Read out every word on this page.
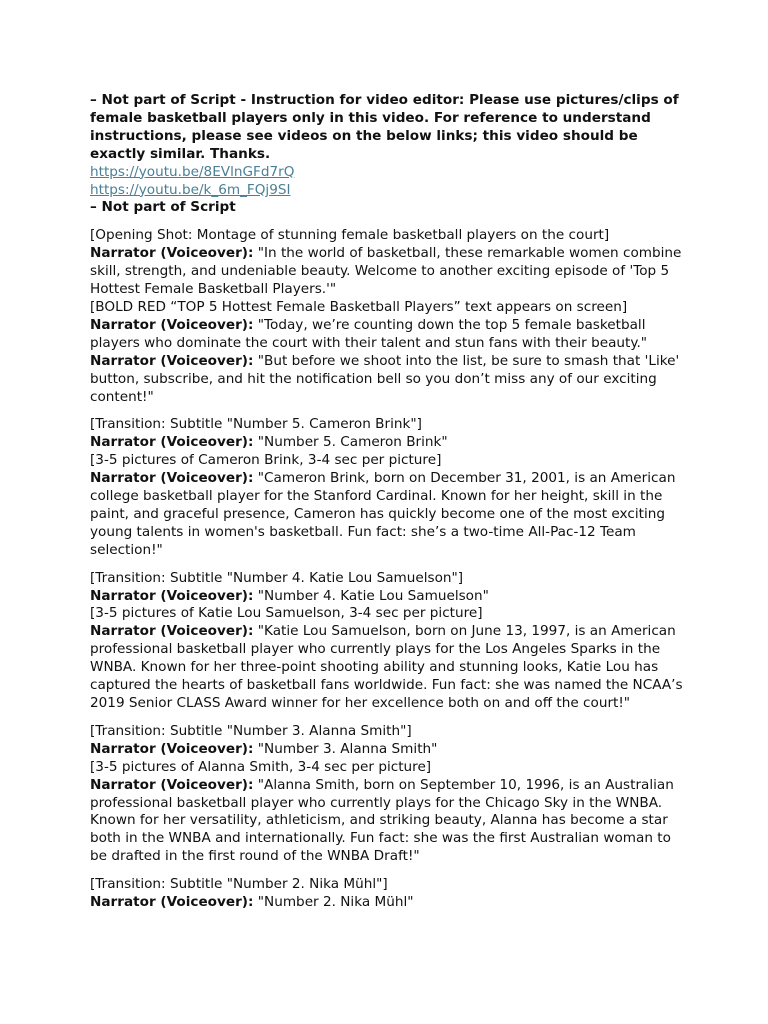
– Not part of Script - Instruction for video editor: Please use pictures/clips of female basketball players only in this video. For reference to understand instructions, please see videos on the below links; this video should be exactly similar. Thanks.
https://youtu.be/8EVlnGFd7rQ
https://youtu.be/k_6m_FQj9SI
– Not part of Script
[Opening Shot: Montage of stunning female basketball players on the court]
Narrator (Voiceover): "In the world of basketball, these remarkable women combine skill, strength, and undeniable beauty. Welcome to another exciting episode of 'Top 5 Hottest Female Basketball Players.'"
[BOLD RED “TOP 5 Hottest Female Basketball Players” text appears on screen]
Narrator (Voiceover): "Today, we’re counting down the top 5 female basketball players who dominate the court with their talent and stun fans with their beauty."
Narrator (Voiceover): "But before we shoot into the list, be sure to smash that 'Like' button, subscribe, and hit the notification bell so you don’t miss any of our exciting content!"
[Transition: Subtitle "Number 5. Cameron Brink"]
Narrator (Voiceover): "Number 5. Cameron Brink"
[3-5 pictures of Cameron Brink, 3-4 sec per picture]
Narrator (Voiceover): "Cameron Brink, born on December 31, 2001, is an American college basketball player for the Stanford Cardinal. Known for her height, skill in the paint, and graceful presence, Cameron has quickly become one of the most exciting young talents in women's basketball. Fun fact: she’s a two-time All-Pac-12 Team selection!"
[Transition: Subtitle "Number 4. Katie Lou Samuelson"]
Narrator (Voiceover): "Number 4. Katie Lou Samuelson"
[3-5 pictures of Katie Lou Samuelson, 3-4 sec per picture]
Narrator (Voiceover): "Katie Lou Samuelson, born on June 13, 1997, is an American professional basketball player who currently plays for the Los Angeles Sparks in the WNBA. Known for her three-point shooting ability and stunning looks, Katie Lou has captured the hearts of basketball fans worldwide. Fun fact: she was named the NCAA’s 2019 Senior CLASS Award winner for her excellence both on and off the court!"
[Transition: Subtitle "Number 3. Alanna Smith"]
Narrator (Voiceover): "Number 3. Alanna Smith"
[3-5 pictures of Alanna Smith, 3-4 sec per picture]
Narrator (Voiceover): "Alanna Smith, born on September 10, 1996, is an Australian professional basketball player who currently plays for the Chicago Sky in the WNBA. Known for her versatility, athleticism, and striking beauty, Alanna has become a star both in the WNBA and internationally. Fun fact: she was the first Australian woman to be drafted in the first round of the WNBA Draft!"
[Transition: Subtitle "Number 2. Nika Mühl"]
Narrator (Voiceover): "Number 2. Nika Mühl"
